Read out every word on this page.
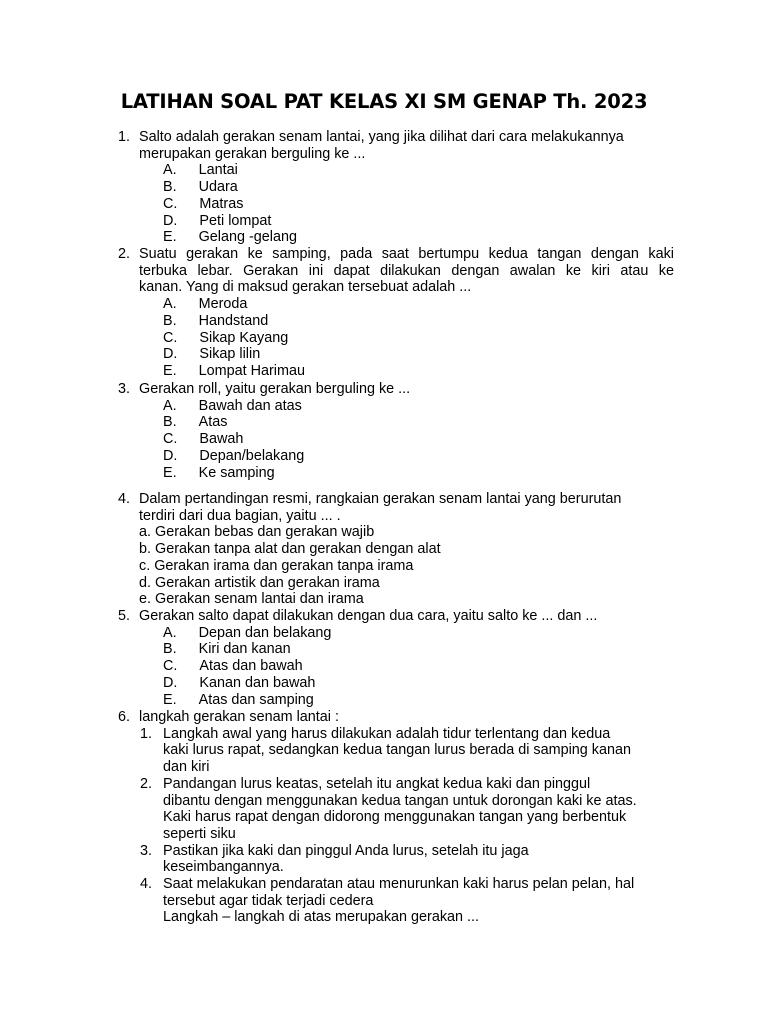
LATIHAN SOAL PAT KELAS XI SM GENAP Th. 2023
1. Salto adalah gerakan senam lantai, yang jika dilihat dari cara melakukannya
merupakan gerakan berguling ke ...
A. Lantai
B. Udara
C. Matras
D. Peti lompat
E. Gelang -gelang
2. Suatu gerakan ke samping, pada saat bertumpu kedua tangan dengan kaki
terbuka lebar. Gerakan ini dapat dilakukan dengan awalan ke kiri atau ke
kanan. Yang di maksud gerakan tersebuat adalah ...
A. Meroda
B. Handstand
C. Sikap Kayang
D. Sikap lilin
E. Lompat Harimau
3. Gerakan roll, yaitu gerakan berguling ke ...
A. Bawah dan atas
B. Atas
C. Bawah
D. Depan/belakang
E. Ke samping
4. Dalam pertandingan resmi, rangkaian gerakan senam lantai yang berurutan
terdiri dari dua bagian, yaitu ... .
a. Gerakan bebas dan gerakan wajib
b. Gerakan tanpa alat dan gerakan dengan alat
c. Gerakan irama dan gerakan tanpa irama
d. Gerakan artistik dan gerakan irama
e. Gerakan senam lantai dan irama
5. Gerakan salto dapat dilakukan dengan dua cara, yaitu salto ke ... dan ...
A. Depan dan belakang
B. Kiri dan kanan
C. Atas dan bawah
D. Kanan dan bawah
E. Atas dan samping
6. langkah gerakan senam lantai :
1. Langkah awal yang harus dilakukan adalah tidur terlentang dan kedua
kaki lurus rapat, sedangkan kedua tangan lurus berada di samping kanan
dan kiri
2. Pandangan lurus keatas, setelah itu angkat kedua kaki dan pinggul
dibantu dengan menggunakan kedua tangan untuk dorongan kaki ke atas.
Kaki harus rapat dengan didorong menggunakan tangan yang berbentuk
seperti siku
3. Pastikan jika kaki dan pinggul Anda lurus, setelah itu jaga
keseimbangannya.
4. Saat melakukan pendaratan atau menurunkan kaki harus pelan pelan, hal
tersebut agar tidak terjadi cedera
Langkah – langkah di atas merupakan gerakan ...
